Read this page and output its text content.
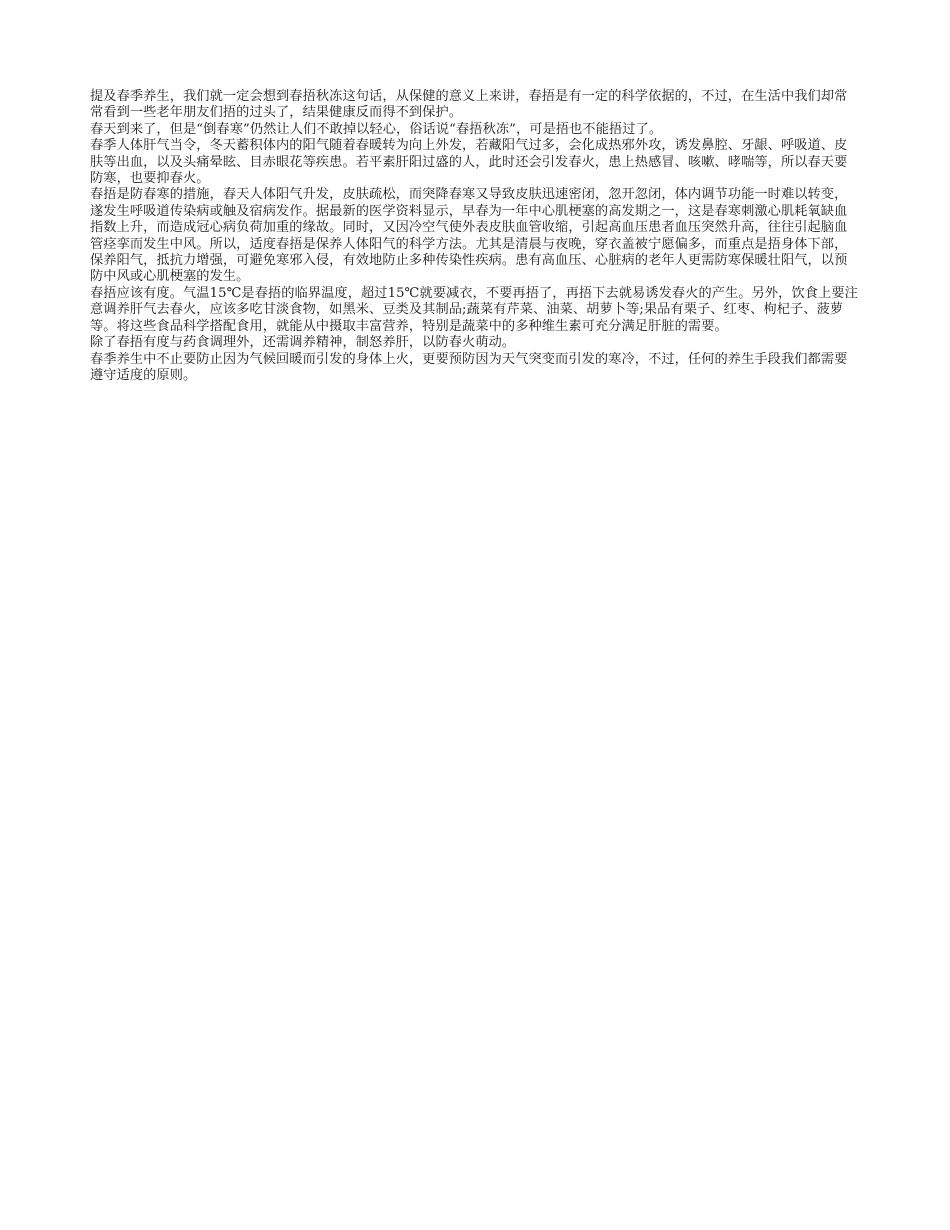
提及春季养生，我们就一定会想到春捂秋冻这句话，从保健的意义上来讲，春捂是有一定的科学依据的，不过，在生活中我们却常常看到一些老年朋友们捂的过头了，结果健康反而得不到保护。

春天到来了，但是“倒春寒”仍然让人们不敢掉以轻心，俗话说“春捂秋冻”，可是捂也不能捂过了。

春季人体肝气当令，冬天蓄积体内的阳气随着春暖转为向上外发，若藏阳气过多，会化成热邪外攻，诱发鼻腔、牙龈、呼吸道、皮肤等出血，以及头痛晕眩、目赤眼花等疾患。若平素肝阳过盛的人，此时还会引发春火，患上热感冒、咳嗽、哮喘等，所以春天要防寒，也要抑春火。

春捂是防春寒的措施，春天人体阳气升发，皮肤疏松，而突降春寒又导致皮肤迅速密闭，忽开忽闭，体内调节功能一时难以转变，遂发生呼吸道传染病或触及宿病发作。据最新的医学资料显示，早春为一年中心肌梗塞的高发期之一，这是春寒刺激心肌耗氧缺血指数上升，而造成冠心病负荷加重的缘故。同时，又因冷空气使外表皮肤血管收缩，引起高血压患者血压突然升高，往往引起脑血管痉挛而发生中风。所以，适度春捂是保养人体阳气的科学方法。尤其是清晨与夜晚，穿衣盖被宁愿偏多，而重点是捂身体下部，保养阳气，抵抗力增强，可避免寒邪入侵，有效地防止多种传染性疾病。患有高血压、心脏病的老年人更需防寒保暖壮阳气，以预防中风或心肌梗塞的发生。

春捂应该有度。气温15℃是春捂的临界温度，超过15℃就要减衣，不要再捂了，再捂下去就易诱发春火的产生。另外，饮食上要注意调养肝气去春火，应该多吃甘淡食物，如黑米、豆类及其制品;蔬菜有芹菜、油菜、胡萝卜等;果品有栗子、红枣、枸杞子、菠萝等。将这些食品科学搭配食用，就能从中摄取丰富营养，特别是蔬菜中的多种维生素可充分满足肝脏的需要。

除了春捂有度与药食调理外，还需调养精神，制怒养肝，以防春火萌动。

春季养生中不止要防止因为气候回暖而引发的身体上火，更要预防因为天气突变而引发的寒冷，不过，任何的养生手段我们都需要遵守适度的原则。
